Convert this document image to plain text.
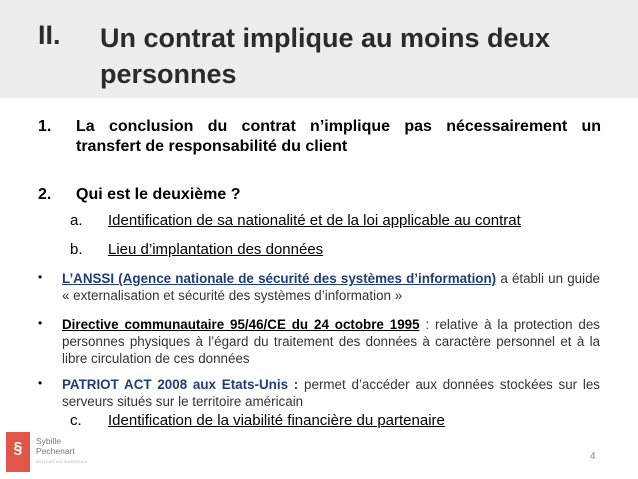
II. Un contrat implique au moins deux
personnes
1. La conclusion du contrat n’implique pas nécessairement un transfert de responsabilité du client
2. Qui est le deuxième ?
a. Identification de sa nationalité et de la loi applicable au contrat
b. Lieu d’implantation des données
• L’ANSSI (Agence nationale de sécurité des systèmes d’information) a établi un guide « externalisation et sécurité des systèmes d’information »
• Directive communautaire 95/46/CE du 24 octobre 1995 : relative à la protection des personnes physiques à l’égard du traitement des données à caractère personnel et à la libre circulation de ces données
• PATRIOT ACT 2008 aux Etats-Unis : permet d’accéder aux données stockées sur les serveurs situés sur le territoire américain
c. Identification de la viabilité financière du partenaire
§	Sybille
Pechenart
AVOCAT AU BARREAU	4
